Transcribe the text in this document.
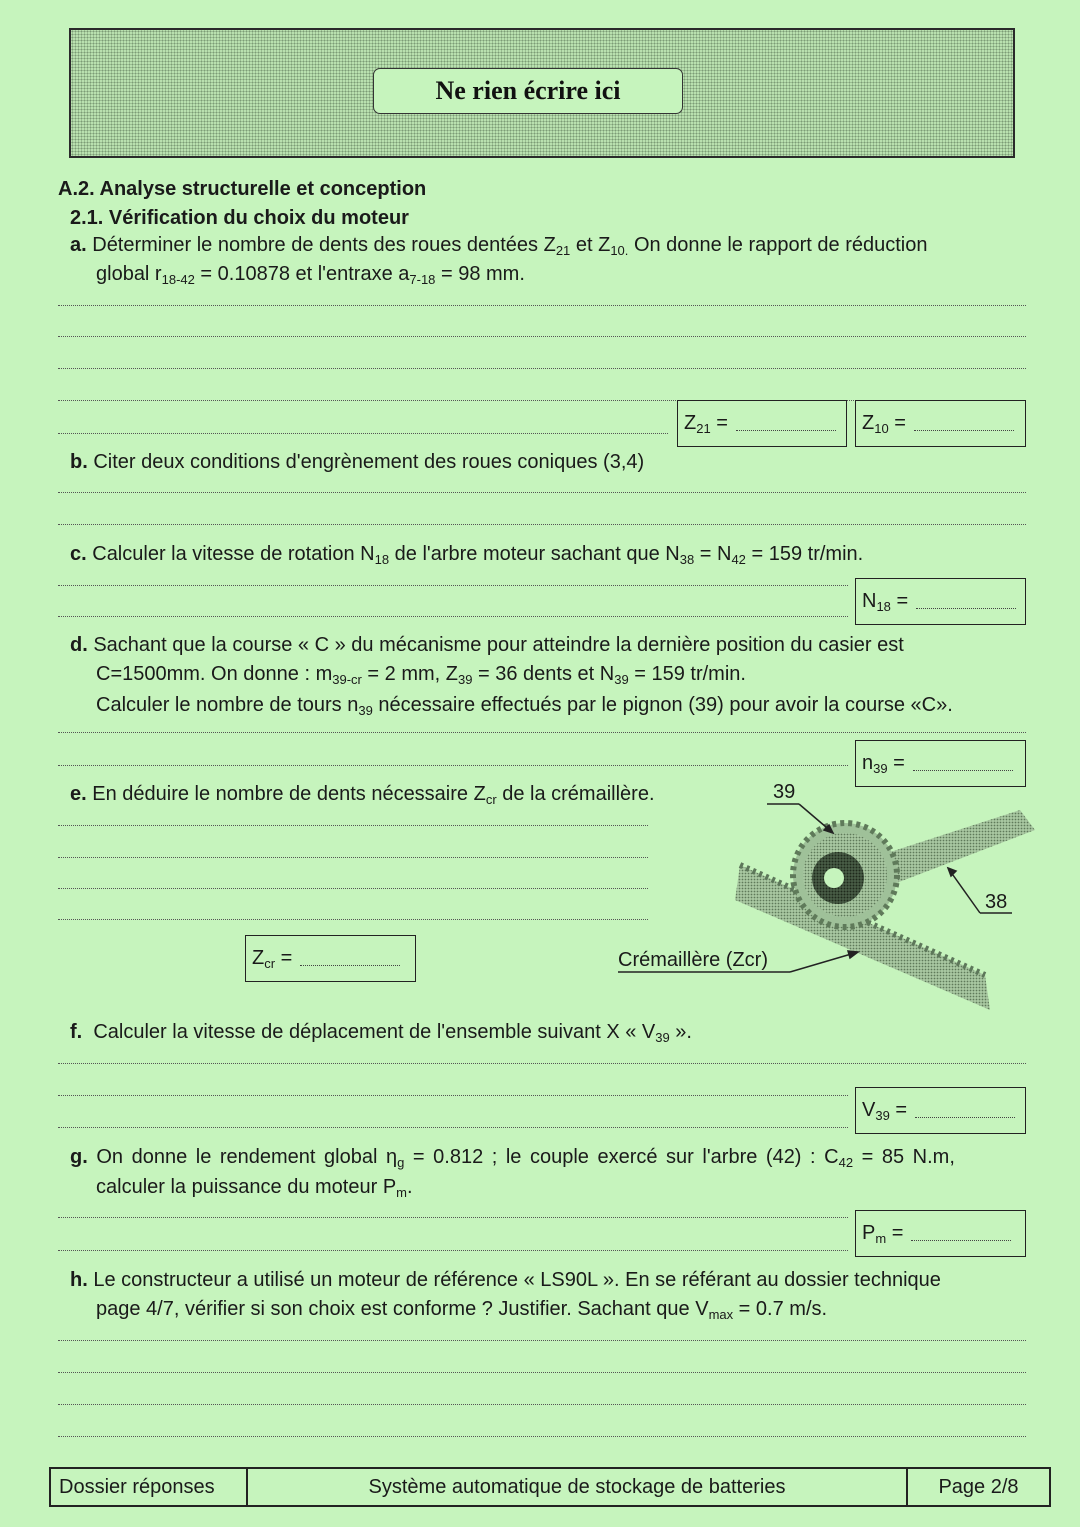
Ne rien écrire ici
A.2. Analyse structurelle et conception
2.1. Vérification du choix du moteur
a. Déterminer le nombre de dents des roues dentées $Z_{21}$ et $Z_{10.}$ On donne le rapport de réduction
global $r_{18-42} = 0.10878$ et l'entraxe $a_{7-18} = 98$ mm.
$Z_{21}$ =	$Z_{10}$ =
b. Citer deux conditions d'engrènement des roues coniques (3,4)
c. Calculer la vitesse de rotation $N_{18}$ de l'arbre moteur sachant que $N_{38} = N_{42} = 159$ tr/min.
$N_{18}$ =
d. Sachant que la course « C » du mécanisme pour atteindre la dernière position du casier est
C=1500mm. On donne : $m_{39-cr} = 2$ mm, $Z_{39} = 36$ dents et $N_{39} = 159$ tr/min.
Calculer le nombre de tours $n_{39}$ nécessaire effectués par le pignon (39) pour avoir la course «C».
$n_{39}$ =
e. En déduire le nombre de dents nécessaire $Z_{cr}$ de la crémaillère.
$Z_{cr}$ =
39
38
Crémaillère (Zcr)
f.  Calculer la vitesse de déplacement de l'ensemble suivant X « $V_{39}$ ».
$V_{39}$ =
g. On donne le rendement global $\eta_g = 0.812$ ; le couple exercé sur l'arbre (42) : $C_{42} = 85$ N.m,
calculer la puissance du moteur $P_m$.
$P_m$ =
h. Le constructeur a utilisé un moteur de référence « LS90L ». En se référant au dossier technique
page 4/7, vérifier si son choix est conforme ? Justifier. Sachant que $V_{max} = 0.7$ m/s.
Dossier réponses	Système automatique de stockage de batteries	Page 2/8
